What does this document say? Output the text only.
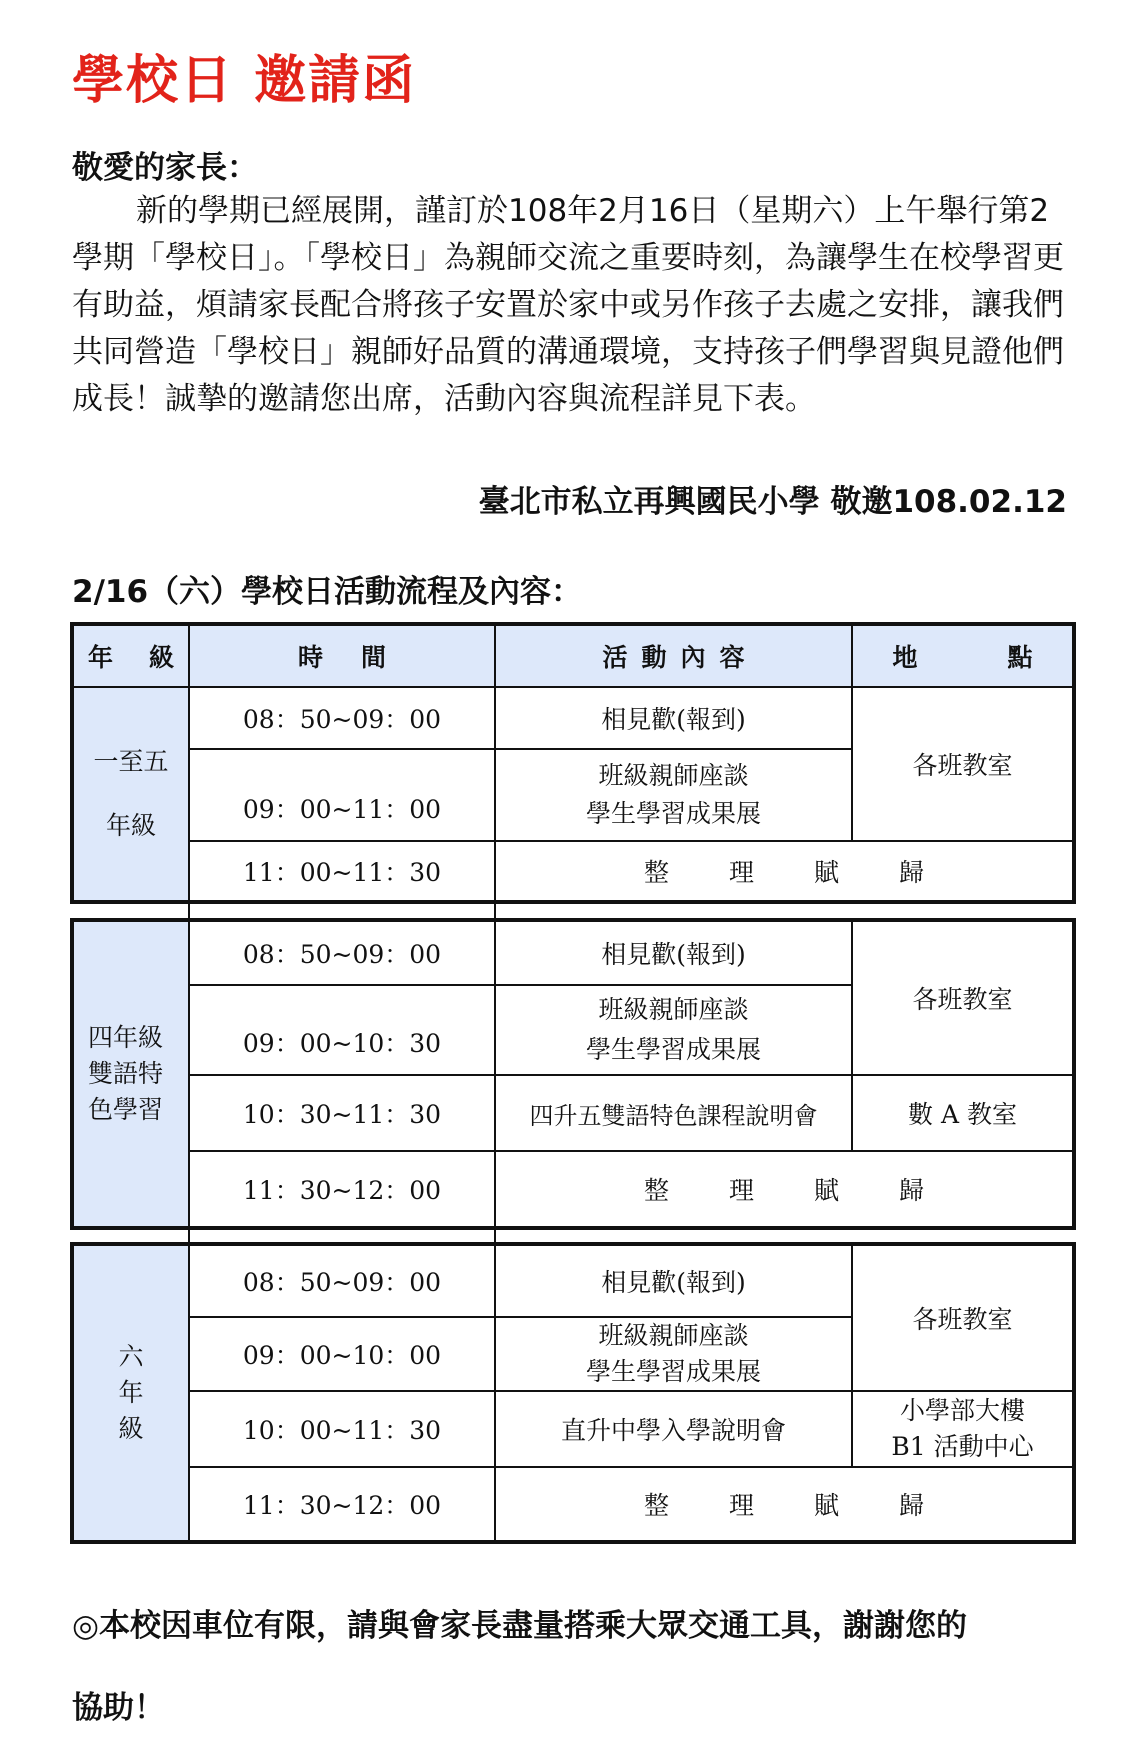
學校日 邀請函

敬愛的家長：

新的學期已經展開，謹訂於108年2月16日（星期六）上午舉行第2學期「學校日」。「學校日」為親師交流之重要時刻，為讓學生在校學習更有助益，煩請家長配合將孩子安置於家中或另作孩子去處之安排，讓我們共同營造「學校日」親師好品質的溝通環境，支持孩子們學習與見證他們成長！誠摯的邀請您出席，活動內容與流程詳見下表。

臺北市私立再興國民小學 敬邀108.02.12

2/16（六）學校日活動流程及內容：

年 級	時 間	活 動 內 容	地 點

一至五
年級	08：50~09：00	相見歡(報到)	各班教室
	09：00~11：00	班級親師座談
學生學習成果展	

	11：00~11：30	整 理 賦 歸	
四年級
雙語特
色學習	08：50~09：00	相見歡(報到)	各班教室
	09：00~10：30	班級親師座談
學生學習成果展	

	10：30~11：30	四升五雙語特色課程說明會	數 A 教室
	11：30~12：00	整 理 賦 歸	
六
年
級	08：50~09：00	相見歡(報到)	各班教室
	09：00~10：00	班級親師座談
學生學習成果展	

	10：00~11：30	直升中學入學說明會	小學部大樓
B1 活動中心

	11：30~12：00	整 理 賦 歸	

◎本校因車位有限，請與會家長盡量搭乘大眾交通工具，謝謝您的

協助！
